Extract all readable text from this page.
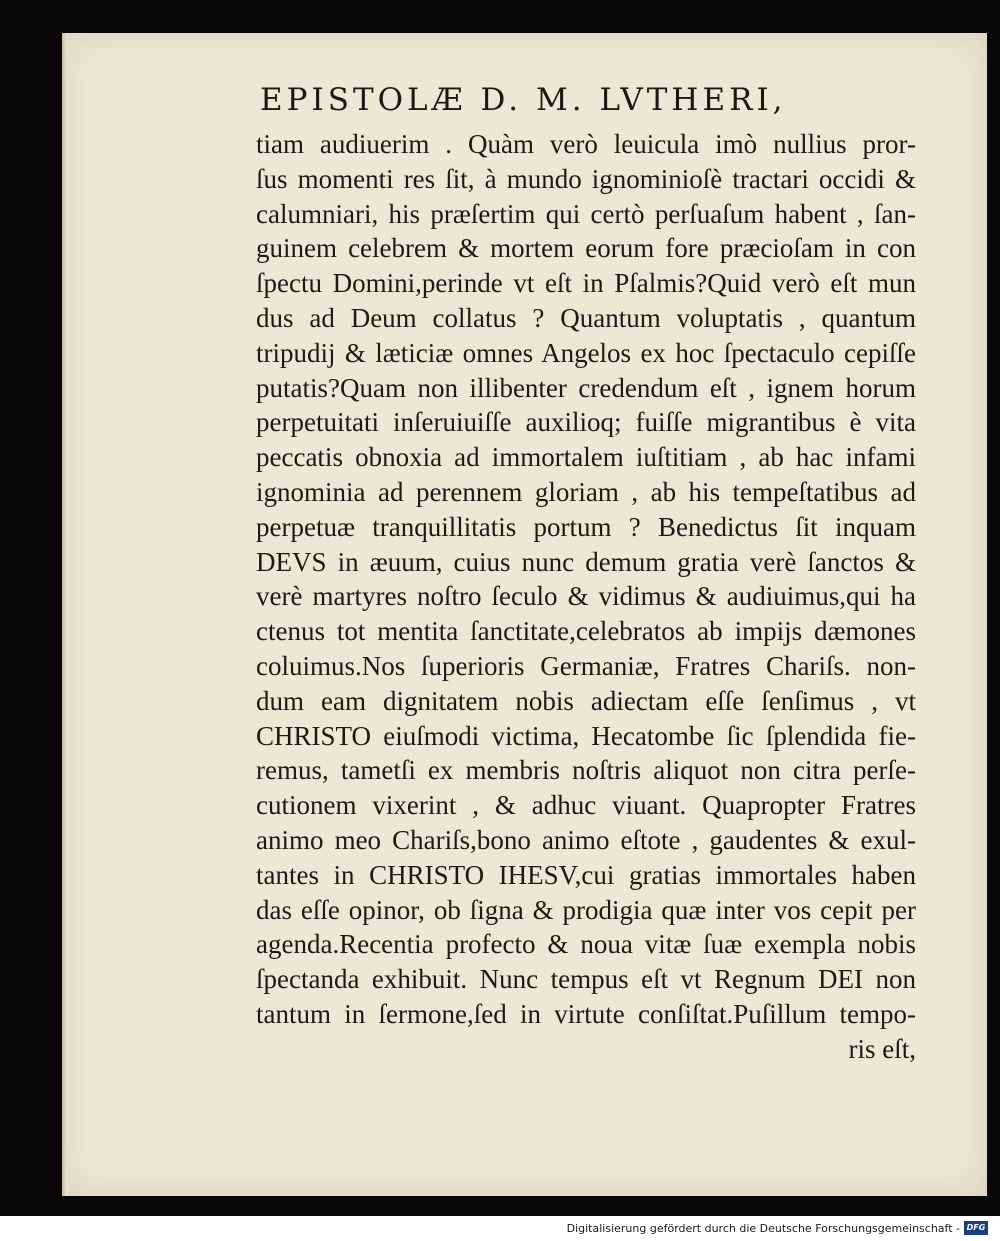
EPISTOLÆ D. M. LVTHERI,
tiam audiuerim . Quàm verò leuicula imò nullius pror-
ſus momenti res ſit, à mundo ignominioſè tractari occidi &
calumniari, his præſertim qui certò perſuaſum habent , ſan-
guinem celebrem & mortem eorum fore præcioſam in con
ſpectu Domini,perinde vt eſt in Pſalmis?Quid verò eſt mun
dus ad Deum collatus ? Quantum voluptatis , quantum
tripudij & læticiæ omnes Angelos ex hoc ſpectaculo cepiſſe
putatis?Quam non illibenter credendum eſt , ignem horum
perpetuitati inſeruiuiſſe auxilioq; fuiſſe migrantibus è vita
peccatis obnoxia ad immortalem iuſtitiam , ab hac infami
ignominia ad perennem gloriam , ab his tempeſtatibus ad
perpetuæ tranquillitatis portum ? Benedictus ſit inquam
DEVS in æuum, cuius nunc demum gratia verè ſanctos &
verè martyres noſtro ſeculo & vidimus & audiuimus,qui ha
ctenus tot mentita ſanctitate,celebratos ab impijs dæmones
coluimus.Nos ſuperioris Germaniæ, Fratres Chariſs. non-
dum eam dignitatem nobis adiectam eſſe ſenſimus , vt
CHRISTO eiuſmodi victima, Hecatombe ſic ſplendida fie-
remus, tametſi ex membris noſtris aliquot non citra perſe-
cutionem vixerint , & adhuc viuant. Quapropter Fratres
animo meo Chariſs,bono animo eſtote , gaudentes & exul-
tantes in CHRISTO IHESV,cui gratias immortales haben
das eſſe opinor, ob ſigna & prodigia quæ inter vos cepit per
agenda.Recentia profecto & noua vitæ ſuæ exempla nobis
ſpectanda exhibuit. Nunc tempus eſt vt Regnum DEI non
tantum in ſermone,ſed in virtute conſiſtat.Puſillum tempo-
ris eſt,
Digitalisierung gefördert durch die Deutsche Forschungsgemeinschaft - DFG
